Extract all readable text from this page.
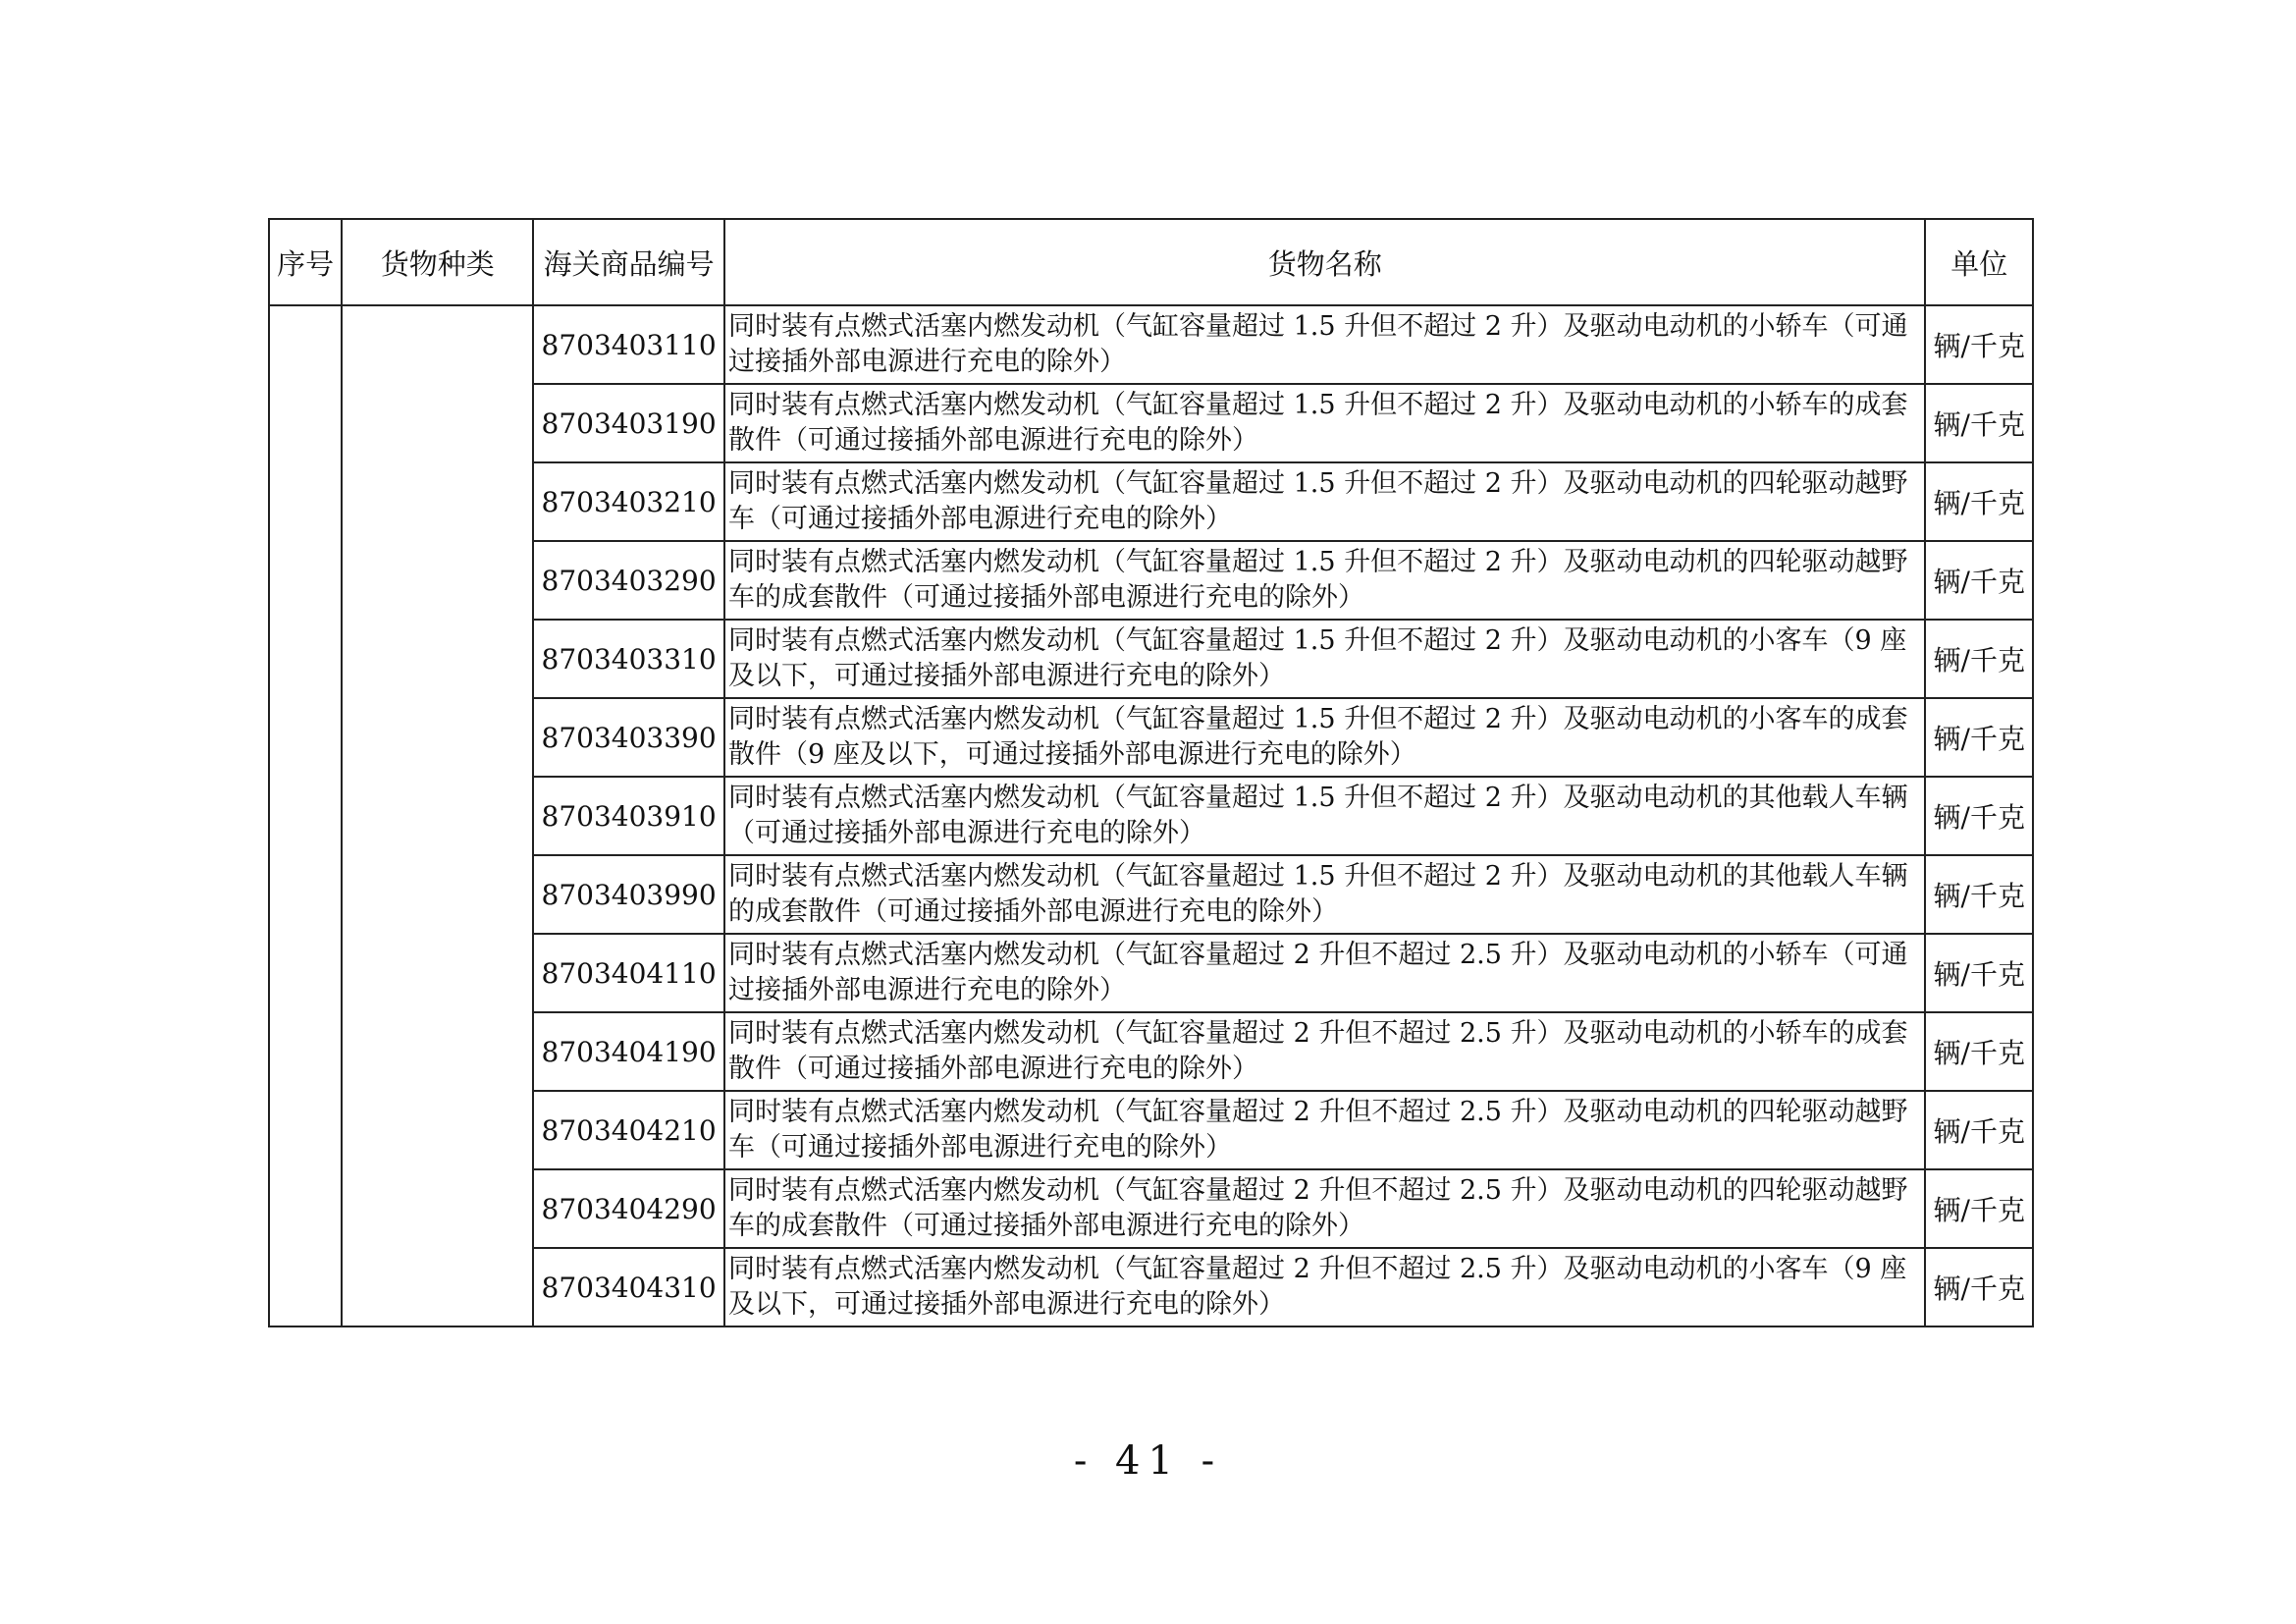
序号	货物种类	海关商品编号	货物名称	单位
		8703403110	同时装有点燃式活塞内燃发动机（气缸容量超过 1.5 升但不超过 2 升）及驱动电动机的小轿车（可通过接插外部电源进行充电的除外）	辆/千克
		8703403190	同时装有点燃式活塞内燃发动机（气缸容量超过 1.5 升但不超过 2 升）及驱动电动机的小轿车的成套散件（可通过接插外部电源进行充电的除外）	辆/千克
		8703403210	同时装有点燃式活塞内燃发动机（气缸容量超过 1.5 升但不超过 2 升）及驱动电动机的四轮驱动越野车（可通过接插外部电源进行充电的除外）	辆/千克
		8703403290	同时装有点燃式活塞内燃发动机（气缸容量超过 1.5 升但不超过 2 升）及驱动电动机的四轮驱动越野车的成套散件（可通过接插外部电源进行充电的除外）	辆/千克
		8703403310	同时装有点燃式活塞内燃发动机（气缸容量超过 1.5 升但不超过 2 升）及驱动电动机的小客车（9 座及以下，可通过接插外部电源进行充电的除外）	辆/千克
		8703403390	同时装有点燃式活塞内燃发动机（气缸容量超过 1.5 升但不超过 2 升）及驱动电动机的小客车的成套散件（9 座及以下，可通过接插外部电源进行充电的除外）	辆/千克
		8703403910	同时装有点燃式活塞内燃发动机（气缸容量超过 1.5 升但不超过 2 升）及驱动电动机的其他载人车辆（可通过接插外部电源进行充电的除外）	辆/千克
		8703403990	同时装有点燃式活塞内燃发动机（气缸容量超过 1.5 升但不超过 2 升）及驱动电动机的其他载人车辆的成套散件（可通过接插外部电源进行充电的除外）	辆/千克
		8703404110	同时装有点燃式活塞内燃发动机（气缸容量超过 2 升但不超过 2.5 升）及驱动电动机的小轿车（可通过接插外部电源进行充电的除外）	辆/千克
		8703404190	同时装有点燃式活塞内燃发动机（气缸容量超过 2 升但不超过 2.5 升）及驱动电动机的小轿车的成套散件（可通过接插外部电源进行充电的除外）	辆/千克
		8703404210	同时装有点燃式活塞内燃发动机（气缸容量超过 2 升但不超过 2.5 升）及驱动电动机的四轮驱动越野车（可通过接插外部电源进行充电的除外）	辆/千克
		8703404290	同时装有点燃式活塞内燃发动机（气缸容量超过 2 升但不超过 2.5 升）及驱动电动机的四轮驱动越野车的成套散件（可通过接插外部电源进行充电的除外）	辆/千克
		8703404310	同时装有点燃式活塞内燃发动机（气缸容量超过 2 升但不超过 2.5 升）及驱动电动机的小客车（9 座及以下，可通过接插外部电源进行充电的除外）	辆/千克
- 41 -
